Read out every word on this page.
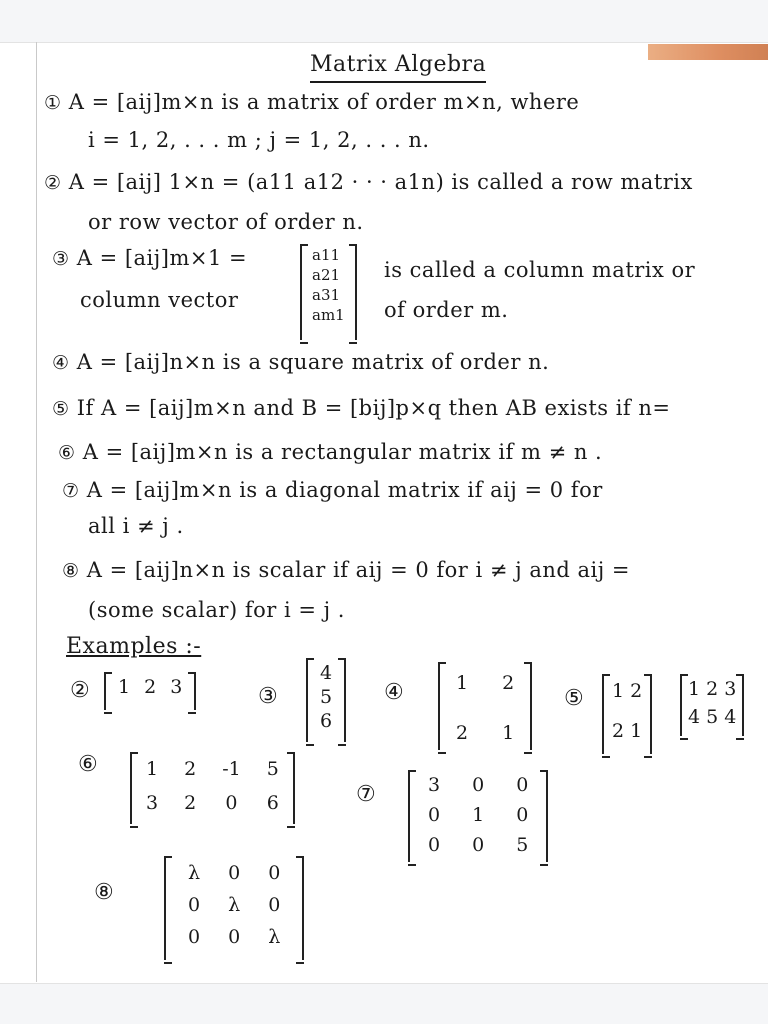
Matrix Algebra
① A = [aij]m×n is a matrix of order m×n, where
i = 1, 2, . . . m ; j = 1, 2, . . . n.
② A = [aij] 1×n = (a11 a12 · · · a1n) is called a row matrix
or row vector of order n.
③ A = [aij]m×1 =	a11
a21
a31
am1
is called a column matrix or
column vector	of order m.
④ A = [aij]n×n is a square matrix of order n.
⑤ If A = [aij]m×n and B = [bij]p×q then AB exists if n=
⑥ A = [aij]m×n is a rectangular matrix if m ≠ n .
⑦ A = [aij]m×n is a diagonal matrix if aij = 0 for
all i ≠ j .
⑧ A = [aij]n×n is scalar if aij = 0 for i ≠ j and aij =
(some scalar) for i = j .
Examples :-
② 1 2 3	③
4
5
6
④	1 2
2 1
⑤ 1 2
2 1
1 2 3
4 5 4
⑥	1 2 -1 5
3 2 0 6	⑦	3 0 0
0 1 0
0 0 5
⑧
λ 0 0
0 λ 0
0 0 λ
